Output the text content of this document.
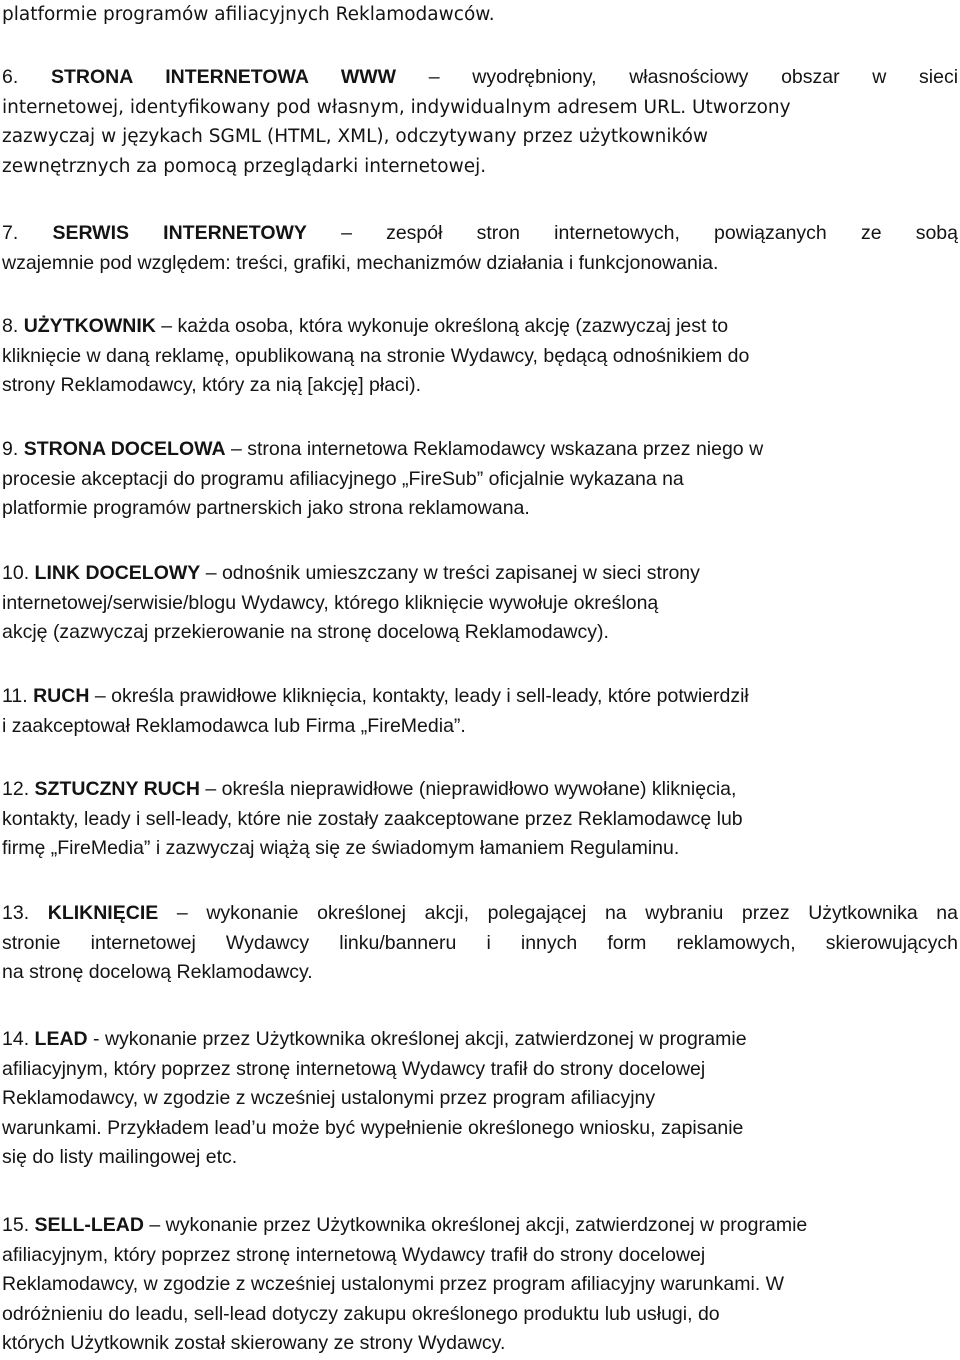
platformie programów afiliacyjnych Reklamodawców.

6. STRONA INTERNETOWA WWW – wyodrębniony, własnościowy obszar w sieci
internetowej, identyfikowany pod własnym, indywidualnym adresem URL. Utworzony
zazwyczaj w językach SGML (HTML, XML), odczytywany przez użytkowników
zewnętrznych za pomocą przeglądarki internetowej.

7. SERWIS INTERNETOWY – zespół stron internetowych, powiązanych ze sobą
wzajemnie pod względem: treści, grafiki, mechanizmów działania i funkcjonowania.

8. UŻYTKOWNIK – każda osoba, która wykonuje określoną akcję (zazwyczaj jest to
kliknięcie w daną reklamę, opublikowaną na stronie Wydawcy, będącą odnośnikiem do
strony Reklamodawcy, który za nią [akcję] płaci).

9. STRONA DOCELOWA – strona internetowa Reklamodawcy wskazana przez niego w
procesie akceptacji do programu afiliacyjnego „FireSub” oficjalnie wykazana na
platformie programów partnerskich jako strona reklamowana.

10. LINK DOCELOWY – odnośnik umieszczany w treści zapisanej w sieci strony
internetowej/serwisie/blogu Wydawcy, którego kliknięcie wywołuje określoną
akcję (zazwyczaj przekierowanie na stronę docelową Reklamodawcy).

11. RUCH – określa prawidłowe kliknięcia, kontakty, leady i sell-leady, które potwierdził
i zaakceptował Reklamodawca lub Firma „FireMedia”.

12. SZTUCZNY RUCH – określa nieprawidłowe (nieprawidłowo wywołane) kliknięcia,
kontakty, leady i sell-leady, które nie zostały zaakceptowane przez Reklamodawcę lub
firmę „FireMedia” i zazwyczaj wiążą się ze świadomym łamaniem Regulaminu.

13. KLIKNIĘCIE – wykonanie określonej akcji, polegającej na wybraniu przez Użytkownika na
stronie internetowej Wydawcy linku/banneru i innych form reklamowych, skierowujących
na stronę docelową Reklamodawcy.

14. LEAD - wykonanie przez Użytkownika określonej akcji, zatwierdzonej w programie
afiliacyjnym, który poprzez stronę internetową Wydawcy trafił do strony docelowej
Reklamodawcy, w zgodzie z wcześniej ustalonymi przez program afiliacyjny
warunkami. Przykładem lead’u może być wypełnienie określonego wniosku, zapisanie
się do listy mailingowej etc.

15. SELL-LEAD – wykonanie przez Użytkownika określonej akcji, zatwierdzonej w programie
afiliacyjnym, który poprzez stronę internetową Wydawcy trafił do strony docelowej
Reklamodawcy, w zgodzie z wcześniej ustalonymi przez program afiliacyjny warunkami. W
odróżnieniu do leadu, sell-lead dotyczy zakupu określonego produktu lub usługi, do
których Użytkownik został skierowany ze strony Wydawcy.
